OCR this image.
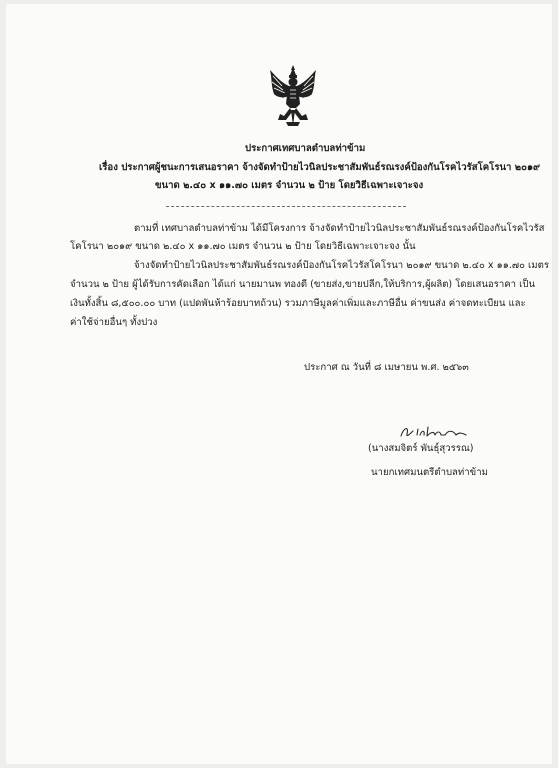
ประกาศเทศบาลตำบลท่าข้าม
เรื่อง ประกาศผู้ชนะการเสนอราคา จ้างจัดทำป้ายไวนิลประชาสัมพันธ์รณรงค์ป้องกันโรคไวรัสโคโรนา ๒๐๑๙
ขนาด ๒.๔๐ x ๑๑.๗๐ เมตร จำนวน ๒ ป้าย โดยวิธีเฉพาะเจาะจง
ตามที่ เทศบาลตำบลท่าข้าม ได้มีโครงการ จ้างจัดทำป้ายไวนิลประชาสัมพันธ์รณรงค์ป้องกันโรคไวรัส
โคโรนา ๒๐๑๙ ขนาด ๒.๔๐ x ๑๑.๗๐ เมตร จำนวน ๒ ป้าย โดยวิธีเฉพาะเจาะจง นั้น
จ้างจัดทำป้ายไวนิลประชาสัมพันธ์รณรงค์ป้องกันโรคไวรัสโคโรนา ๒๐๑๙ ขนาด ๒.๔๐ x ๑๑.๗๐ เมตร
จำนวน ๒ ป้าย ผู้ได้รับการคัดเลือก ได้แก่ นายมานพ ทองดี (ขายส่ง,ขายปลีก,ให้บริการ,ผู้ผลิต) โดยเสนอราคา เป็น
เงินทั้งสิ้น ๘,๕๐๐.๐๐ บาท (แปดพันห้าร้อยบาทถ้วน) รวมภาษีมูลค่าเพิ่มและภาษีอื่น ค่าขนส่ง ค่าจดทะเบียน และ
ค่าใช้จ่ายอื่นๆ ทั้งปวง
ประกาศ ณ วันที่ ๘ เมษายน พ.ศ. ๒๕๖๓
(นางสมจิตร์ พันธุ์สุวรรณ)
นายกเทศมนตรีตำบลท่าข้าม
